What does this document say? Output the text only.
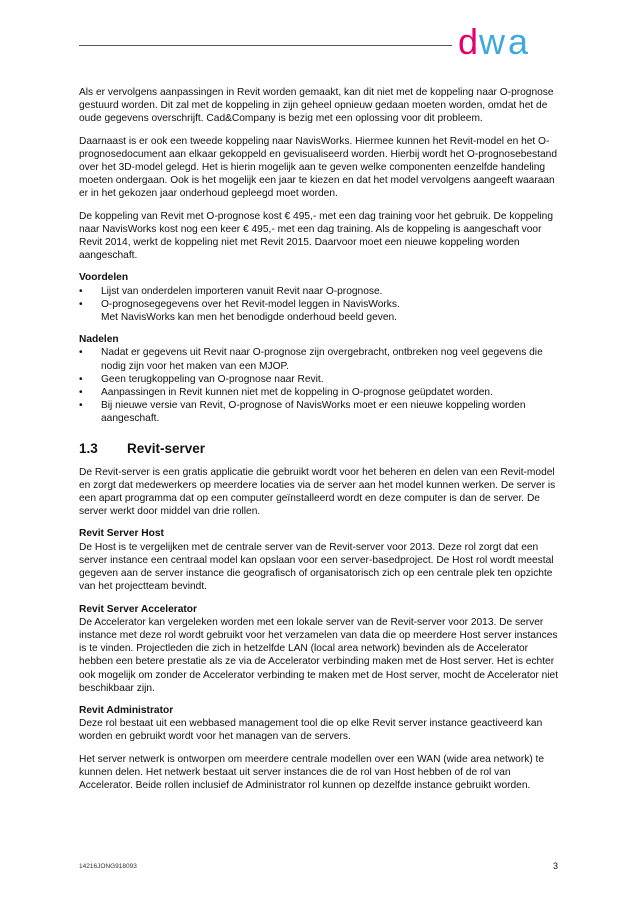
d w a

Als er vervolgens aanpassingen in Revit worden gemaakt, kan dit niet met de koppeling naar O-prognose gestuurd worden. Dit zal met de koppeling in zijn geheel opnieuw gedaan moeten worden, omdat het de oude gegevens overschrijft. Cad&Company is bezig met een oplossing voor dit probleem.

Daarnaast is er ook een tweede koppeling naar NavisWorks. Hiermee kunnen het Revit-model en het O-prognosedocument aan elkaar gekoppeld en gevisualiseerd worden. Hierbij wordt het O-prognosebestand over het 3D-model gelegd. Het is hierin mogelijk aan te geven welke componenten eenzelfde handeling moeten ondergaan. Ook is het mogelijk een jaar te kiezen en dat het model vervolgens aangeeft waaraan er in het gekozen jaar onderhoud gepleegd moet worden.

De koppeling van Revit met O-prognose kost € 495,- met een dag training voor het gebruik. De koppeling naar NavisWorks kost nog een keer € 495,- met een dag training. Als de koppeling is aangeschaft voor Revit 2014, werkt de koppeling niet met Revit 2015. Daarvoor moet een nieuwe koppeling worden aangeschaft.

Voordelen

• Lijst van onderdelen importeren vanuit Revit naar O-prognose.
• O-prognosegegevens over het Revit-model leggen in NavisWorks.
Met NavisWorks kan men het benodigde onderhoud beeld geven.

Nadelen

• Nadat er gegevens uit Revit naar O-prognose zijn overgebracht, ontbreken nog veel gegevens die nodig zijn voor het maken van een MJOP.
• Geen terugkoppeling van O-prognose naar Revit.
• Aanpassingen in Revit kunnen niet met de koppeling in O-prognose geüpdatet worden.
• Bij nieuwe versie van Revit, O-prognose of NavisWorks moet er een nieuwe koppeling worden aangeschaft.
1.3	Revit-server

De Revit-server is een gratis applicatie die gebruikt wordt voor het beheren en delen van een Revit-model en zorgt dat medewerkers op meerdere locaties via de server aan het model kunnen werken. De server is een apart programma dat op een computer geïnstalleerd wordt en deze computer is dan de server. De server werkt door middel van drie rollen.

Revit Server Host

De Host is te vergelijken met de centrale server van de Revit-server voor 2013. Deze rol zorgt dat een server instance een centraal model kan opslaan voor een server-basedproject. De Host rol wordt meestal gegeven aan de server instance die geografisch of organisatorisch zich op een centrale plek ten opzichte van het projectteam bevindt.

Revit Server Accelerator

De Accelerator kan vergeleken worden met een lokale server van de Revit-server voor 2013. De server instance met deze rol wordt gebruikt voor het verzamelen van data die op meerdere Host server instances is te vinden. Projectleden die zich in hetzelfde LAN (local area network) bevinden als de Accelerator hebben een betere prestatie als ze via de Accelerator verbinding maken met de Host server. Het is echter ook mogelijk om zonder de Accelerator verbinding te maken met de Host server, mocht de Accelerator niet beschikbaar zijn.

Revit Administrator

Deze rol bestaat uit een webbased management tool die op elke Revit server instance geactiveerd kan worden en gebruikt wordt voor het managen van de servers.

Het server netwerk is ontworpen om meerdere centrale modellen over een WAN (wide area network) te kunnen delen. Het netwerk bestaat uit server instances die de rol van Host hebben of de rol van Accelerator. Beide rollen inclusief de Administrator rol kunnen op dezelfde instance gebruikt worden.

14216JONG918093	3
